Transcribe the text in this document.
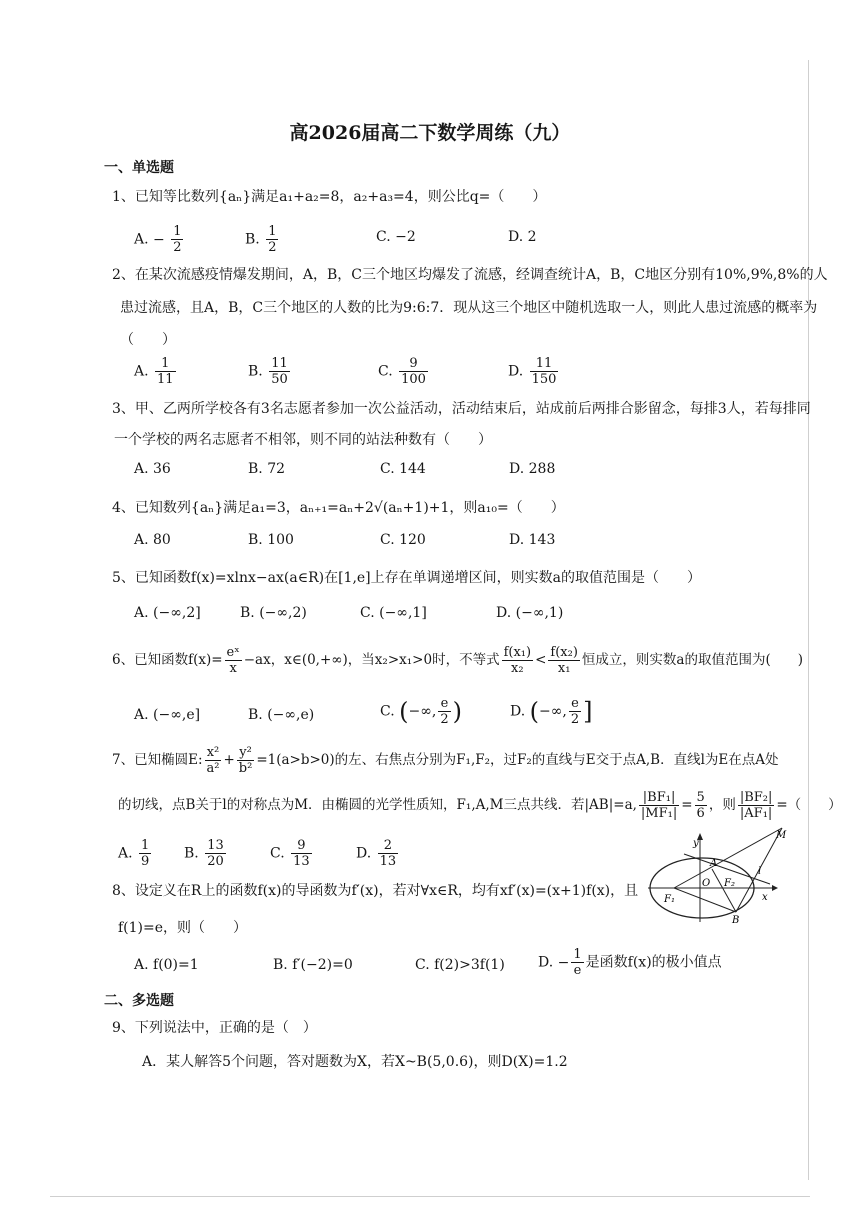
高2026届高二下数学周练（九）
一、单选题
1、已知等比数列{aₙ}满足a₁+a₂=8，a₂+a₃=4，则公比q=（　　）
A. − $\frac{1}{2}$	B. $\frac{1}{2}$	C. −2	D. 2
2、在某次流感疫情爆发期间，A，B，C三个地区均爆发了流感，经调查统计A，B，C地区分别有10%,9%,8%的人
患过流感，且A，B，C三个地区的人数的比为9:6:7．现从这三个地区中随机选取一人，则此人患过流感的概率为
（　　）
A. $\frac{1}{11}$	B. $\frac{11}{50}$	C. $\frac{9}{100}$	D. $\frac{11}{150}$
3、甲、乙两所学校各有3名志愿者参加一次公益活动，活动结束后，站成前后两排合影留念，每排3人，若每排同
一个学校的两名志愿者不相邻，则不同的站法种数有（　　）
A. 36	B. 72	C. 144	D. 288
4、已知数列{aₙ}满足a₁=3，aₙ₊₁=aₙ+2√(aₙ+1)+1，则a₁₀=（　　）
A. 80	B. 100	C. 120	D. 143
5、已知函数f(x)=xlnx−ax(a∈R)在[1,e]上存在单调递增区间，则实数a的取值范围是（　　）
A. (−∞,2]	B. (−∞,2)	C. (−∞,1]	D. (−∞,1)
6、已知函数$f(x)= \frac{\text{eˣ}}{x} -ax$，x∈(0,+∞)，当x₂>x₁>0时，不等式 $\frac{\text{f(x₁)}}{\text{x₂}} < \frac{\text{f(x₂)}}{\text{x₁}}$ 恒成立，则实数a的取值范围为(　　)
A. (−∞,e]	B. (−∞,e)	C. (−∞, $\frac{e}{2}$ )	D. (−∞, $\frac{e}{2}$ ]
7、已知椭圆E: $\frac{\text{x²}}{\text{a²}} + \frac{\text{y²}}{\text{b²}} =1(a>b>0)$的左、右焦点分别为F₁,F₂，过F₂的直线与E交于点A,B．直线l为E在点A处
的切线，点B关于l的对称点为M．由椭圆的光学性质知，F₁,A,M三点共线．若|AB|=a, $\frac{\text{|BF₁|}}{\text{|MF₁|}} = \frac{5}{6}$ ，则 $\frac{\text{|BF₂|}}{\text{|AF₁|}}$ =（　　）
A. $\frac{1}{9} B$. $\frac{13}{20}$	C. $\frac{9}{13}$	D. $\frac{2}{13}$	y
x
O
A
B
F₁
F₂
M
l
8、设定义在R上的函数f(x)的导函数为f′(x)，若对∀x∈R，均有xf′(x)=(x+1)f(x)，且
f(1)=e，则（　　）
A. f(0)=1	B. f′(−2)=0	C. f(2)>3f(1) D. − $\frac{1}{e}$ 是函数f(x)的极小值点
二、多选题
9、下列说法中，正确的是（　）
A．某人解答5个问题，答对题数为X，若X~B(5,0.6)，则D(X)=1.2
